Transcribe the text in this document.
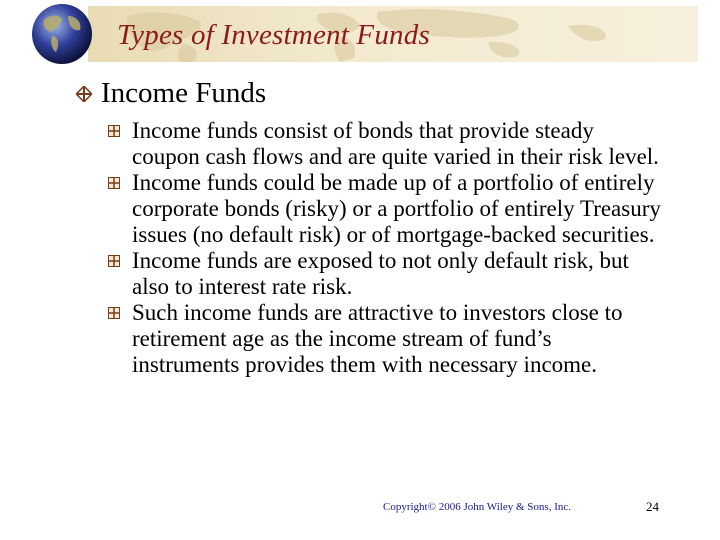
Types of Investment Funds
Income Funds
Income funds consist of bonds that provide steady coupon cash flows and are quite varied in their risk level.
Income funds could be made up of a portfolio of entirely corporate bonds (risky) or a portfolio of entirely Treasury issues (no default risk) or of mortgage-backed securities.
Income funds are exposed to not only default risk, but also to interest rate risk.
Such income funds are attractive to investors close to retirement age as the income stream of fund’s instruments provides them with necessary income.
Copyright© 2006 John Wiley & Sons, Inc.	24
